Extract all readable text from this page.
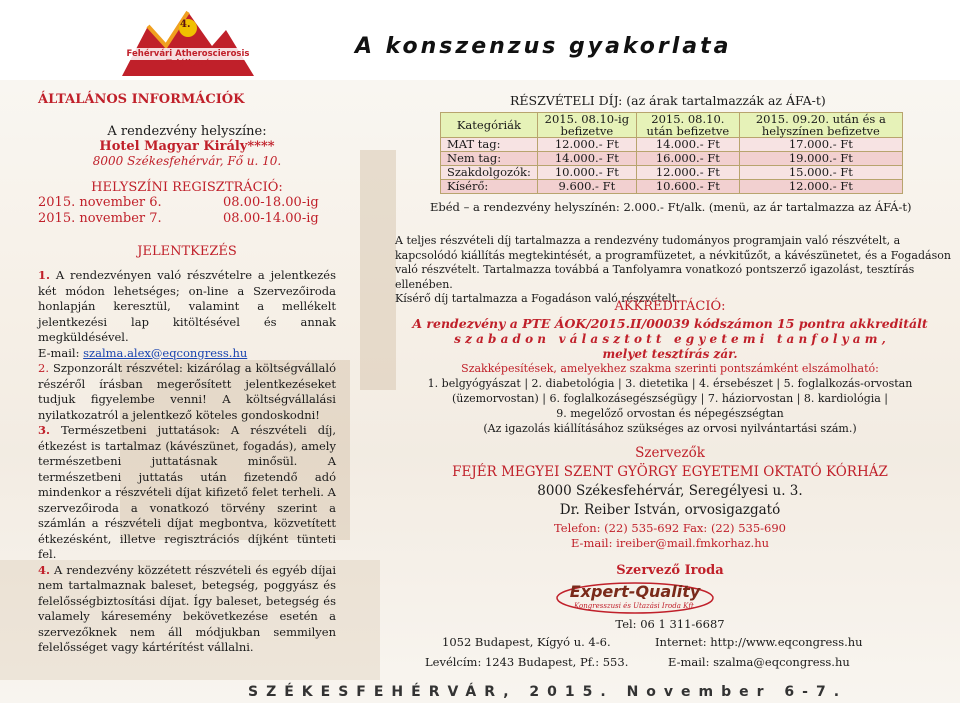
4.
Fehérvári Atheroscierosis Találkozó
A konszenzus gyakorlata
ÁLTALÁNOS INFORMÁCIÓK
A rendezvény helyszíne:
Hotel Magyar Király****
8000 Székesfehérvár, Fő u. 10.
HELYSZÍNI REGISZTRÁCIÓ:
2015. november 6.	08.00-18.00-ig
2015. november 7.	08.00-14.00-ig
JELENTKEZÉS
1. A rendezvényen való részvételre a jelentkezés két módon lehetséges; on-line a Szervezőiroda honlapján keresztül, valamint a mellékelt jelentkezési lap kitöltésével és annak megküldésével.
E-mail: szalma.alex@eqcongress.hu
2. Szponzorált részvétel: kizárólag a költségvállaló részéről írásban megerősített jelentkezéseket tudjuk figyelembe venni! A költségvállalási nyilatkozatról a jelentkező köteles gondoskodni!
3. Természetbeni juttatások: A részvételi díj, étkezést is tartalmaz (kávészünet, fogadás), amely természetbeni juttatásnak minősül. A természetbeni juttatás után fizetendő adó mindenkor a részvételi díjat kifizető felet terheli. A szervezőiroda a vonatkozó törvény szerint a számlán a részvételi díjat megbontva, közvetített étkezésként, illetve regisztrációs díjként tünteti fel.
4. A rendezvény közzétett részvételi és egyéb díjai nem tartalmaznak baleset, betegség, poggyász és felelősségbiztosítási díjat. Így baleset, betegség és valamely káresemény bekövetkezése esetén a szervezőknek nem áll módjukban semmilyen felelősséget vagy kártérítést vállalni.
RÉSZVÉTELI DÍJ: (az árak tartalmazzák az ÁFA-t)
Kategóriák	2015. 08.10-ig befizetve	2015. 08.10. után befizetve	2015. 09.20. után és a helyszínen befizetve
MAT tag:	12.000.- Ft	14.000.- Ft	17.000.- Ft
Nem tag:	14.000.- Ft	16.000.- Ft	19.000.- Ft
Szakdolgozók:	10.000.- Ft	12.000.- Ft	15.000.- Ft
Kísérő:	9.600.- Ft	10.600.- Ft	12.000.- Ft
Ebéd – a rendezvény helyszínén: 2.000.- Ft/alk. (menü, az ár tartalmazza az ÁFÁ-t)
A teljes részvételi díj tartalmazza a rendezvény tudományos programjain való részvételt, a kapcsolódó kiállítás megtekintését, a programfüzetet, a névkitűzőt, a kávészünetet, és a Fogadáson való részvételt. Tartalmazza továbbá a Tanfolyamra vonatkozó pontszerző igazolást, tesztírás ellenében.
Kísérő díj tartalmazza a Fogadáson való részvételt.
AKKREDITÁCIÓ:
A rendezvény a PTE ÁOK/2015.II/00039 kódszámon 15 pontra akkreditált
s z a b a d o n   v á l a s z t o t t   e g y e t e m i   t a n f o l y a m ,
melyet tesztírás zár.
Szakképesítések, amelyekhez szakma szerinti pontszámként elszámolható:
1. belgyógyászat | 2. diabetológia | 3. dietetika | 4. érsebészet | 5. foglalkozás-orvostan
(üzemorvostan) | 6. foglalkozásegészségügy | 7. háziorvostan | 8. kardiológia |
9. megelőző orvostan és népegészségtan
(Az igazolás kiállításához szükséges az orvosi nyilvántartási szám.)
Szervezők
FEJÉR MEGYEI SZENT GYÖRGY EGYETEMI OKTATÓ KÓRHÁZ
8000 Székesfehérvár, Seregélyesi u. 3.
Dr. Reiber István, orvosigazgató
Telefon: (22) 535-692 Fax: (22) 535-690
E-mail: ireiber@mail.fmkorhaz.hu
Szervező Iroda
Expert-Quality
Kongresszusi és Utazási Iroda Kft.
Tel: 06 1 311-6687
1052 Budapest, Kígyó u. 4-6.	Internet: http://www.eqcongress.hu
Levélcím: 1243 Budapest, Pf.: 553.	E-mail: szalma@eqcongress.hu
SZÉKESFEHÉRVÁR, 2015. November 6-7.
